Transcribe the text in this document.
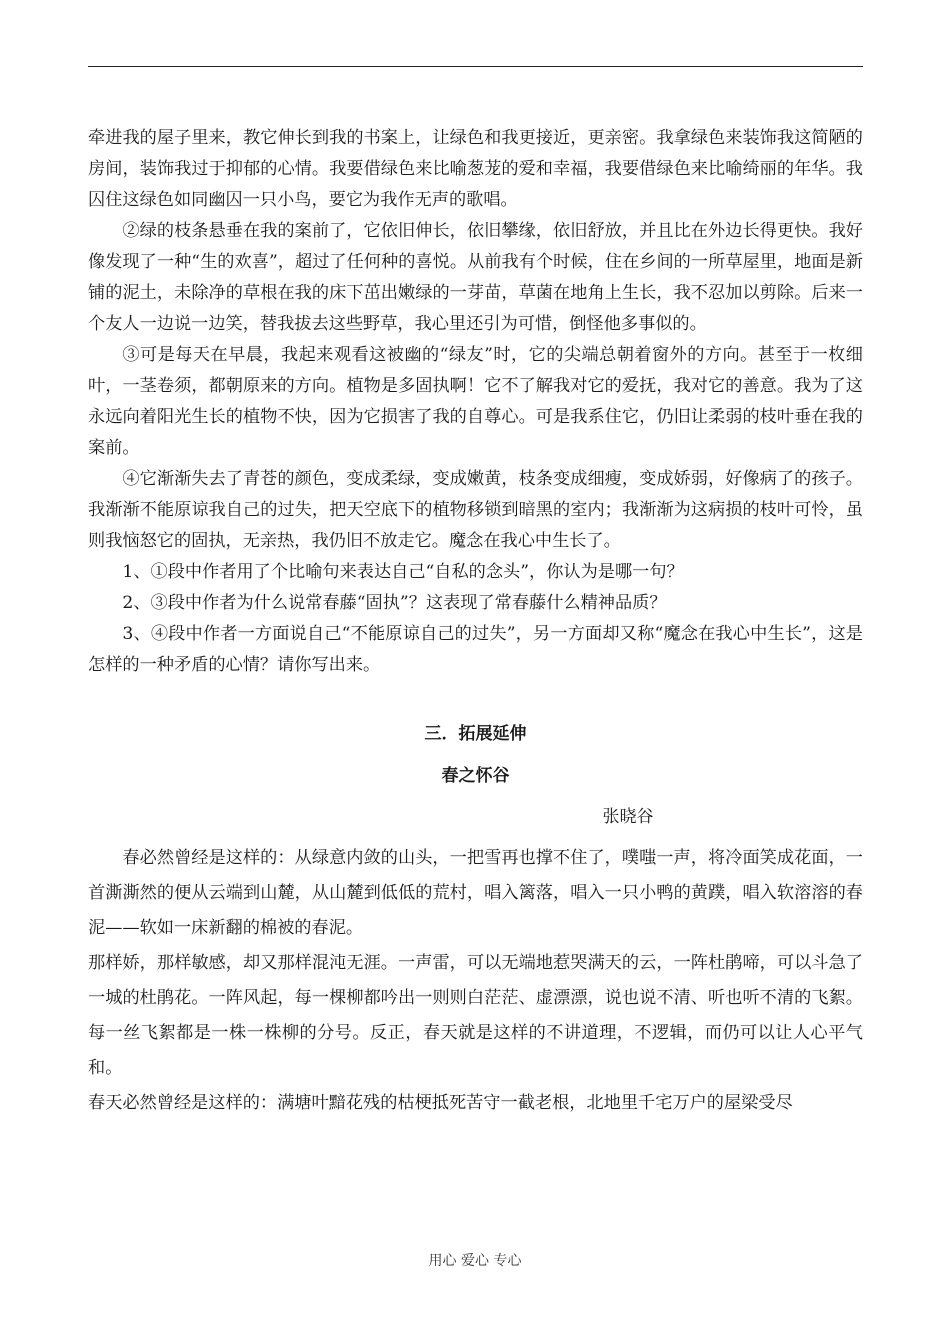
牵进我的屋子里来，教它伸长到我的书案上，让绿色和我更接近，更亲密。我拿绿色来装饰我这简陋的房间，装饰我过于抑郁的心情。我要借绿色来比喻葱茏的爱和幸福，我要借绿色来比喻绮丽的年华。我囚住这绿色如同幽囚一只小鸟，要它为我作无声的歌唱。

②绿的枝条悬垂在我的案前了，它依旧伸长，依旧攀缘，依旧舒放，并且比在外边长得更快。我好像发现了一种“生的欢喜”，超过了任何种的喜悦。从前我有个时候，住在乡间的一所草屋里，地面是新铺的泥土，未除净的草根在我的床下茁出嫩绿的一芽苗，草菌在地角上生长，我不忍加以剪除。后来一个友人一边说一边笑，替我拔去这些野草，我心里还引为可惜，倒怪他多事似的。

③可是每天在早晨，我起来观看这被幽的“绿友”时，它的尖端总朝着窗外的方向。甚至于一枚细叶，一茎卷须，都朝原来的方向。植物是多固执啊！它不了解我对它的爱抚，我对它的善意。我为了这永远向着阳光生长的植物不快，因为它损害了我的自尊心。可是我系住它，仍旧让柔弱的枝叶垂在我的案前。

④它渐渐失去了青苍的颜色，变成柔绿，变成嫩黄，枝条变成细瘦，变成娇弱，好像病了的孩子。我渐渐不能原谅我自己的过失，把天空底下的植物移锁到暗黑的室内；我渐渐为这病损的枝叶可怜，虽则我恼怒它的固执，无亲热，我仍旧不放走它。魔念在我心中生长了。

1、①段中作者用了个比喻句来表达自己“自私的念头”，你认为是哪一句？

2、③段中作者为什么说常春藤“固执”？这表现了常春藤什么精神品质？

3、④段中作者一方面说自己“不能原谅自己的过失”，另一方面却又称“魔念在我心中生长”，这是怎样的一种矛盾的心情？请你写出来。

三．拓展延伸
春之怀谷
张晓谷

春必然曾经是这样的：从绿意内敛的山头，一把雪再也撑不住了，噗嗤一声，将冷面笑成花面，一首澌澌然的便从云端到山麓，从山麓到低低的荒村，唱入篱落，唱入一只小鸭的黄蹼，唱入软溶溶的春泥——软如一床新翻的棉被的春泥。

那样娇，那样敏感，却又那样混沌无涯。一声雷，可以无端地惹哭满天的云，一阵杜鹃啼，可以斗急了一城的杜鹃花。一阵风起，每一棵柳都吟出一则则白茫茫、虚漂漂，说也说不清、听也听不清的飞絮。每一丝飞絮都是一株一株柳的分号。反正，春天就是这样的不讲道理，不逻辑，而仍可以让人心平气和。

春天必然曾经是这样的：满塘叶黯花残的枯梗抵死苦守一截老根，北地里千宅万户的屋梁受尽

用心 爱心 专心
